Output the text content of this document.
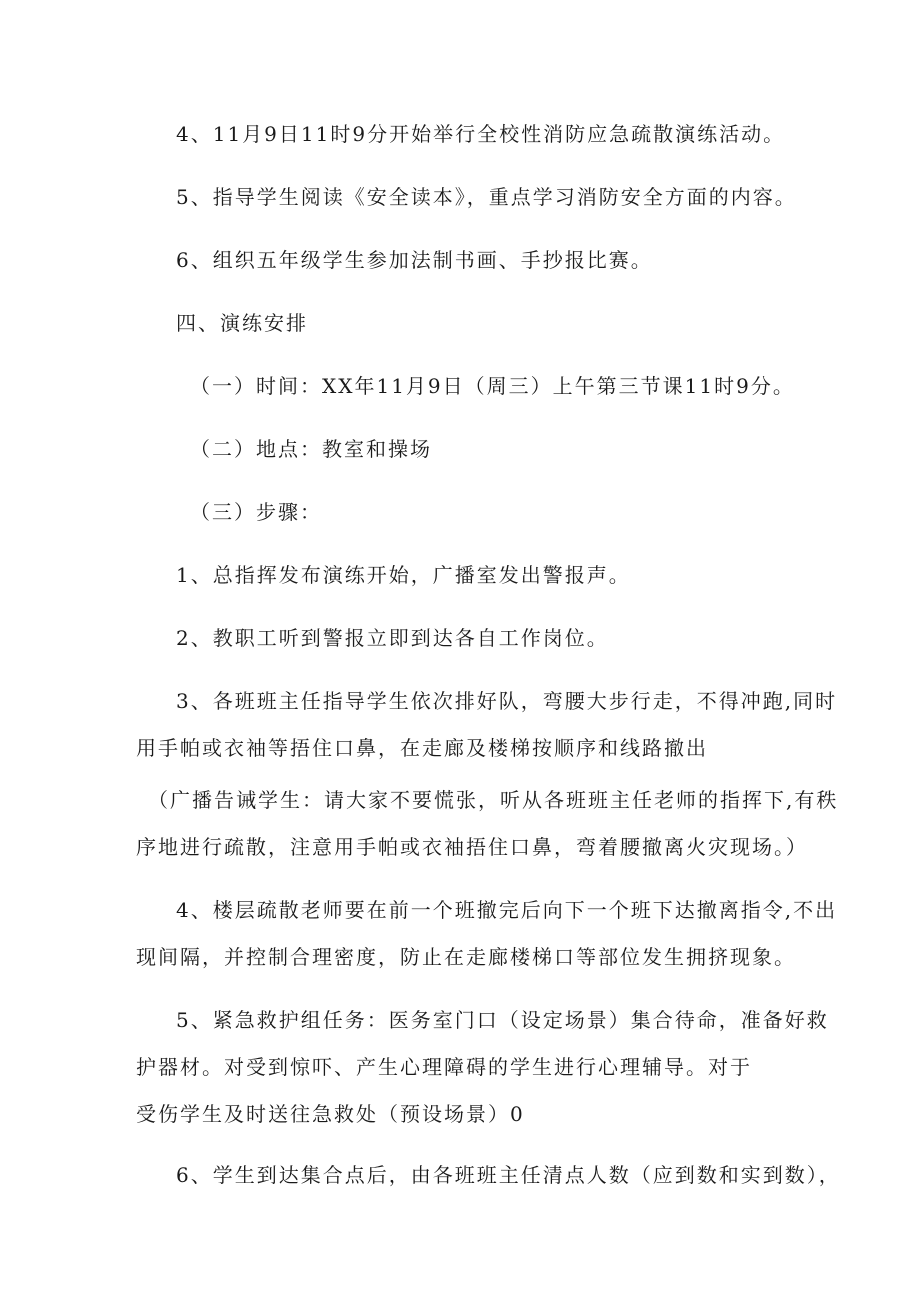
4、11月9日11时9分开始举行全校性消防应急疏散演练活动。

5、指导学生阅读《安全读本》，重点学习消防安全方面的内容。

6、组织五年级学生参加法制书画、手抄报比赛。

四、演练安排

（一）时间：XX年11月9日（周三）上午第三节课11时9分。

（二）地点：教室和操场

（三）步骤：

1、总指挥发布演练开始，广播室发出警报声。

2、教职工听到警报立即到达各自工作岗位。

3、各班班主任指导学生依次排好队，弯腰大步行走，不得冲跑,同时

用手帕或衣袖等捂住口鼻，在走廊及楼梯按顺序和线路撤出

（广播告诫学生：请大家不要慌张，听从各班班主任老师的指挥下,有秩

序地进行疏散，注意用手帕或衣袖捂住口鼻，弯着腰撤离火灾现场。）

4、楼层疏散老师要在前一个班撤完后向下一个班下达撤离指令,不出

现间隔，并控制合理密度，防止在走廊楼梯口等部位发生拥挤现象。

5、紧急救护组任务：医务室门口（设定场景）集合待命，准备好救

护器材。对受到惊吓、产生心理障碍的学生进行心理辅导。对于

受伤学生及时送往急救处（预设场景）0

6、学生到达集合点后，由各班班主任清点人数（应到数和实到数），
